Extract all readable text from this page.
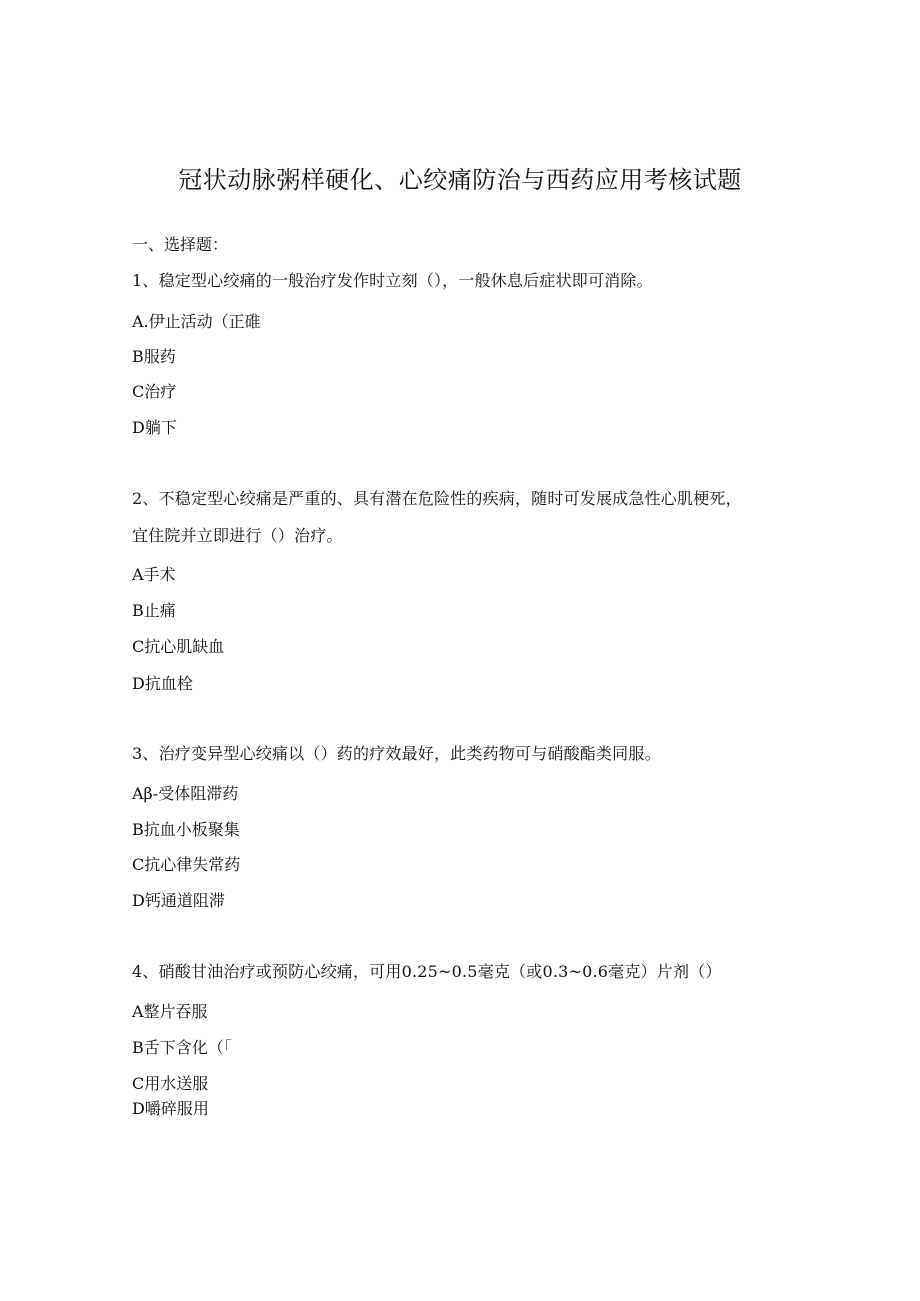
冠状动脉粥样硬化、心绞痛防治与西药应用考核试题
一、选择题：
1、稳定型心绞痛的一般治疗发作时立刻（），一般休息后症状即可消除。
A.伊止活动（正碓
B服药
C治疗
D躺下
2、不稳定型心绞痛是严重的、具有潜在危险性的疾病，随时可发展成急性心肌梗死，
宜住院并立即进行（）治疗。
A手术
B止痛
C抗心肌缺血
D抗血栓
3、治疗变异型心绞痛以（）药的疗效最好，此类药物可与硝酸酯类同服。
Aβ-受体阻滞药
B抗血小板聚集
C抗心律失常药
D钙通道阻滞
4、硝酸甘油治疗或预防心绞痛，可用0.25~0.5毫克（或0.3~0.6毫克）片剂（）
A整片吞服
B舌下含化（「
C用水送服
D嚼碎服用
